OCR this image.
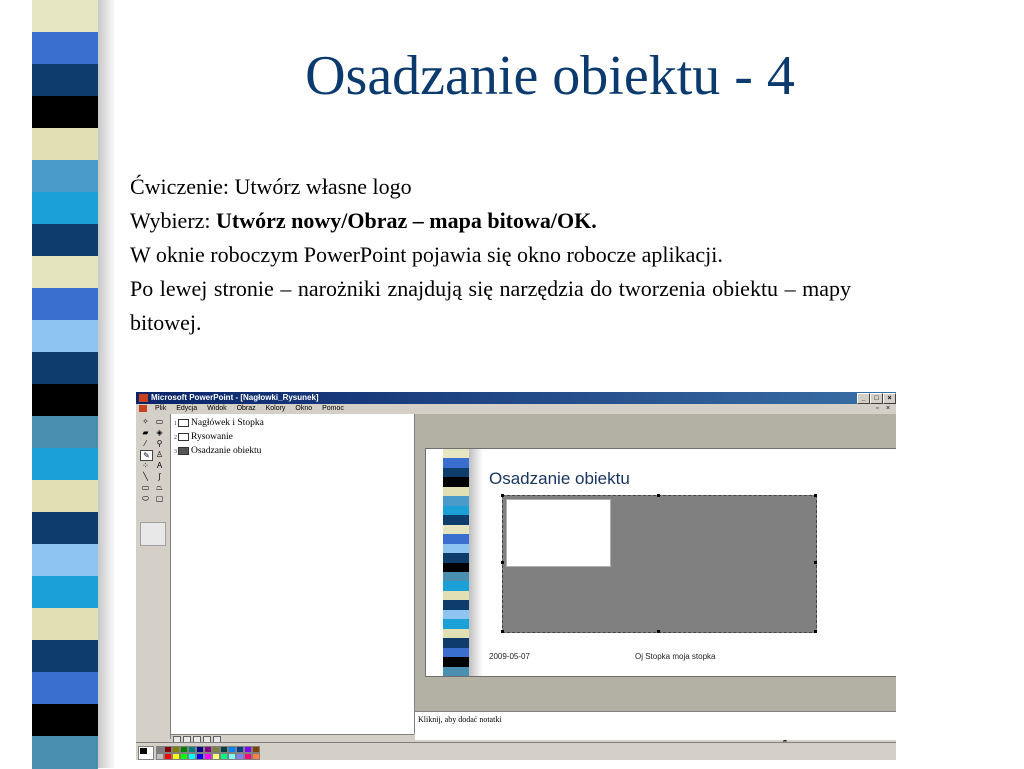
Osadzanie obiektu - 4

Ćwiczenie: Utwórz własne logo

Wybierz: Utwórz nowy/Obraz – mapa bitowa/OK.

W oknie roboczym PowerPoint pojawia się okno robocze aplikacji.

Po lewej stronie – narożniki znajdują się narzędzia do tworzenia obiektu – mapy bitowej.

Microsoft PowerPoint - [Nagłowki_Rysunek]	_	□	×
Plik Edycja Widok Obraz Kolory Okno Pomoc	▫ ×
✧ ▭
▰ ◈
⁄	⚲
✎ ♙
⁘ A
╲	∫
▭ ⏢
⬭ ▢
1 Nagłówek i Stopka
2 Rysowanie
3 Osadzanie obiektu
Osadzanie obiektu
2009-05-07	Oj Stopka moja stopka
Kliknij, aby dodać notatki
